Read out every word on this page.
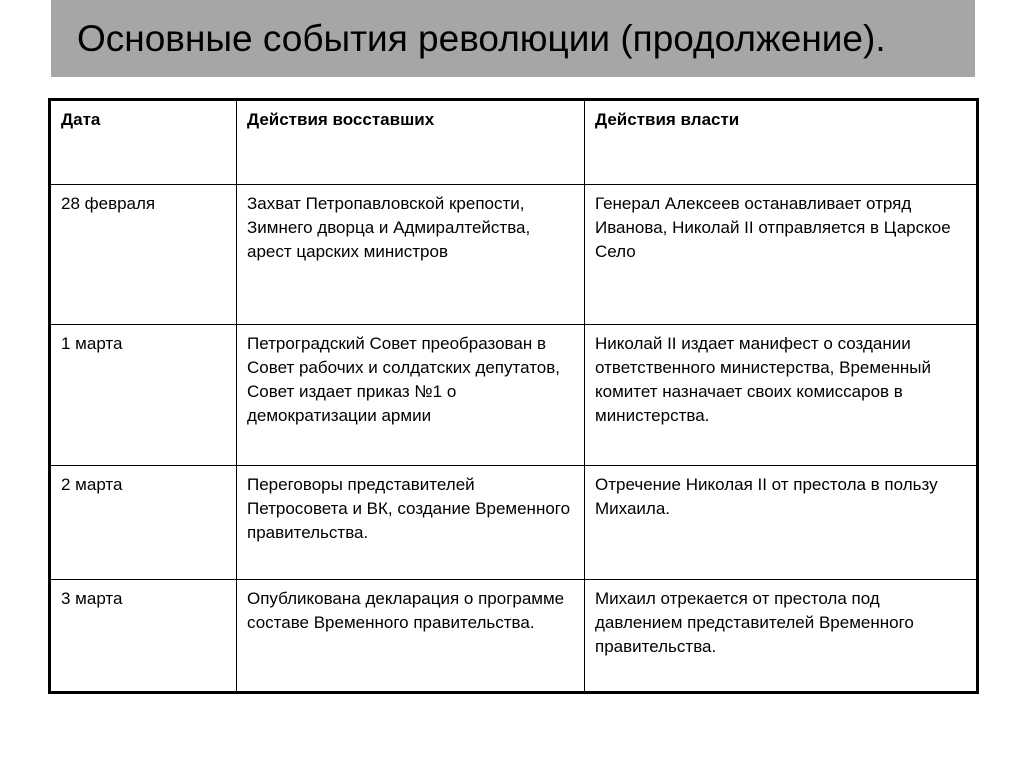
Основные события революции (продолжение).
Дата	Действия восставших	Действия власти
28 февраля	Захват Петропавловской крепости, Зимнего дворца и Адмиралтейства, арест царских министров	Генерал Алексеев останавливает отряд Иванова, Николай II отправляется в Царское Село
1 марта	Петроградский Совет преобразован в Совет рабочих и солдатских депутатов, Совет издает приказ №1 о демократизации армии	Николай II издает манифест о создании ответственного министерства, Временный комитет назначает своих комиссаров в министерства.
2 марта	Переговоры представителей Петросовета и ВК, создание Временного правительства.	Отречение Николая II от престола в пользу Михаила.
3 марта	Опубликована декларация о программе составе Временного правительства.	Михаил отрекается от престола под давлением представителей Временного правительства.
